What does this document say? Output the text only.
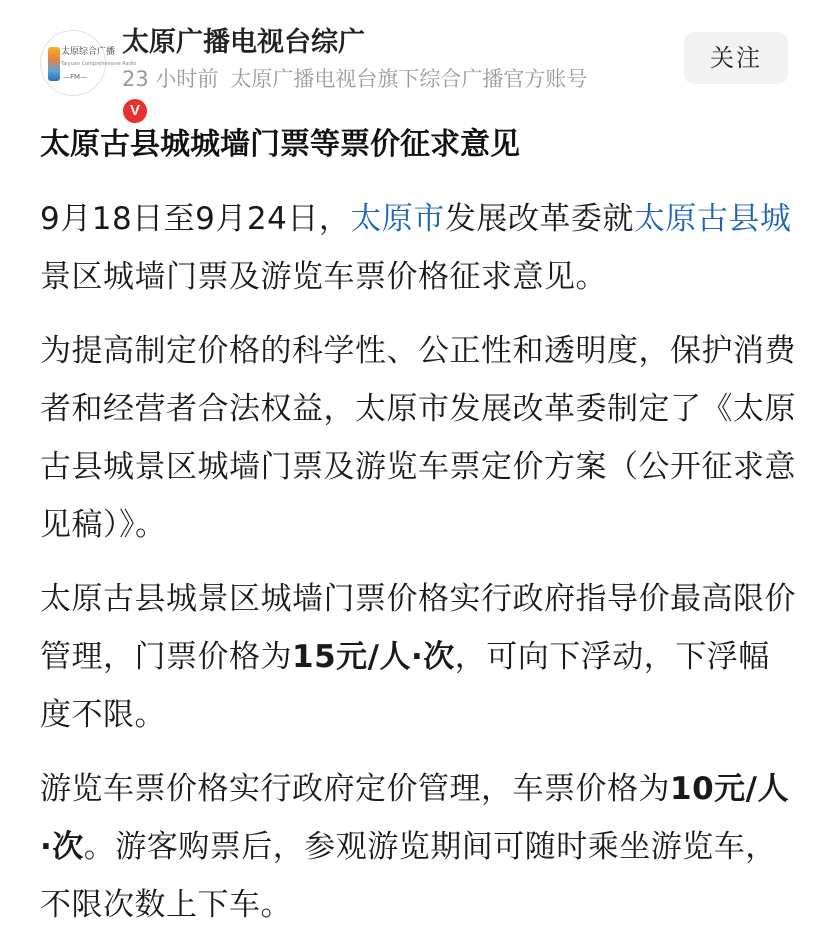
太原综合广播
Taiyuan Comprehensive Radio
—FM—
V
太原广播电视台综广
23 小时前 太原广播电视台旗下综合广播官方账号
关注
太原古县城城墙门票等票价征求意见

9月18日至9月24日，太原市发展改革委就太原古县城景区城墙门票及游览车票价格征求意见。

为提高制定价格的科学性、公正性和透明度，保护消费者和经营者合法权益，太原市发展改革委制定了《太原古县城景区城墙门票及游览车票定价方案（公开征求意见稿）》。

太原古县城景区城墙门票价格实行政府指导价最高限价管理，门票价格为15元/人·次，可向下浮动，下浮幅度不限。

游览车票价格实行政府定价管理，车票价格为10元/人·次。游客购票后，参观游览期间可随时乘坐游览车，不限次数上下车。
